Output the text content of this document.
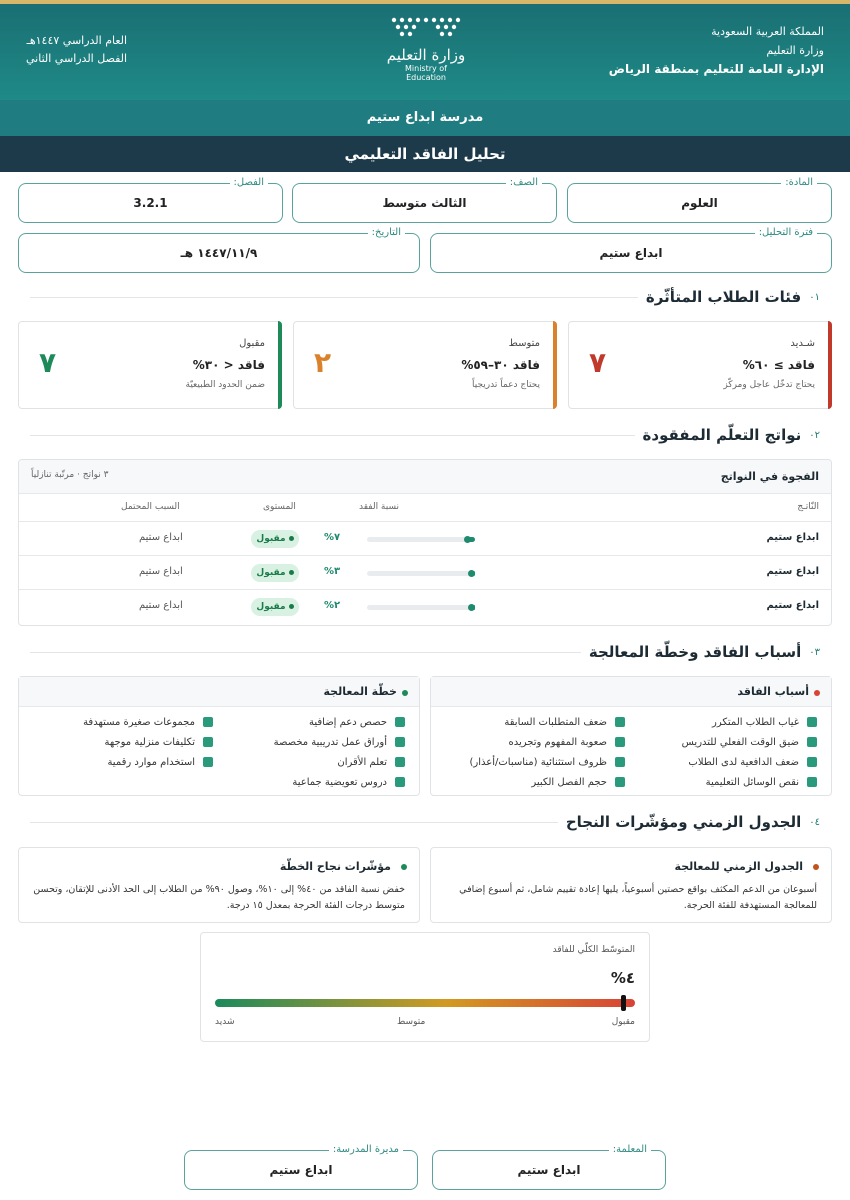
المملكة العربية السعودية
وزارة التعليم
الإدارة العامة للتعليم بمنطقة الرياض
وزارة التعليم
Ministry of Education
العام الدراسي ١٤٤٧هـ
الفصل الدراسي الثاني
مدرسة ابداع ستيم
تحليل الفاقد التعليمي
المادة:
العلوم
الصف:
الثالث متوسط
الفصل:
3.2.1
فترة التحليل:
ابداع ستيم
التاريخ:
١٤٤٧/١١/٩ هـ
٠١
فئات الطلاب المتأثّرة
شـديد
فاقد ≥ ٦٠%
يحتاج تدخّل عاجل ومركّز
٧
متوسط
فاقد ٣٠–٥٩%
يحتاج دعماً تدريجياً
٢
مقبول
فاقد < ٣٠%
ضمن الحدود الطبيعيّة
٧
٠٢
نواتج التعلّم المفقودة
الفجوة في النواتج
٣ نواتج · مرتّبة تنازلياً
النّاتـج
نسبة الفقد
المستوى
السبب المحتمل
ابداع ستيم
٧%
مقبول
ابداع ستيم
ابداع ستيم
٣%
مقبول
ابداع ستيم
ابداع ستيم
٢%
مقبول
ابداع ستيم
٠٣
أسباب الفاقد وخطّة المعالجة
أسباب الفاقد
غياب الطلاب المتكرر
ضيق الوقت الفعلي للتدريس
ضعف الدافعية لدى الطلاب
نقص الوسائل التعليمية
ضعف المتطلبات السابقة
صعوبة المفهوم وتجريده
ظروف استثنائية (مناسبات/أعذار)
حجم الفصل الكبير
خطّة المعالجة
حصص دعم إضافية
أوراق عمل تدريبية مخصصة
تعلم الأقران
دروس تعويضية جماعية
مجموعات صغيرة مستهدفة
تكليفات منزلية موجهة
استخدام موارد رقمية
٠٤
الجدول الزمني ومؤشّرات النجاح
الجدول الزمني للمعالجة

أسبوعان من الدعم المكثف بواقع حصتين أسبوعياً، يليها إعادة تقييم شامل، ثم أسبوع إضافي للمعالجة المستهدفة للفئة الحرجة.

مؤشّرات نجاح الخطّة

خفض نسبة الفاقد من ٤٠% إلى ١٠%، وصول ٩٠% من الطلاب إلى الحد الأدنى للإتقان، وتحسن متوسط درجات الفئة الحرجة بمعدل ١٥ درجة.

المتوسّط الكلّي للفاقد
٤%
مقبول
متوسط
شديد
المعلمة:
ابداع ستيم
مديرة المدرسة:
ابداع ستيم
